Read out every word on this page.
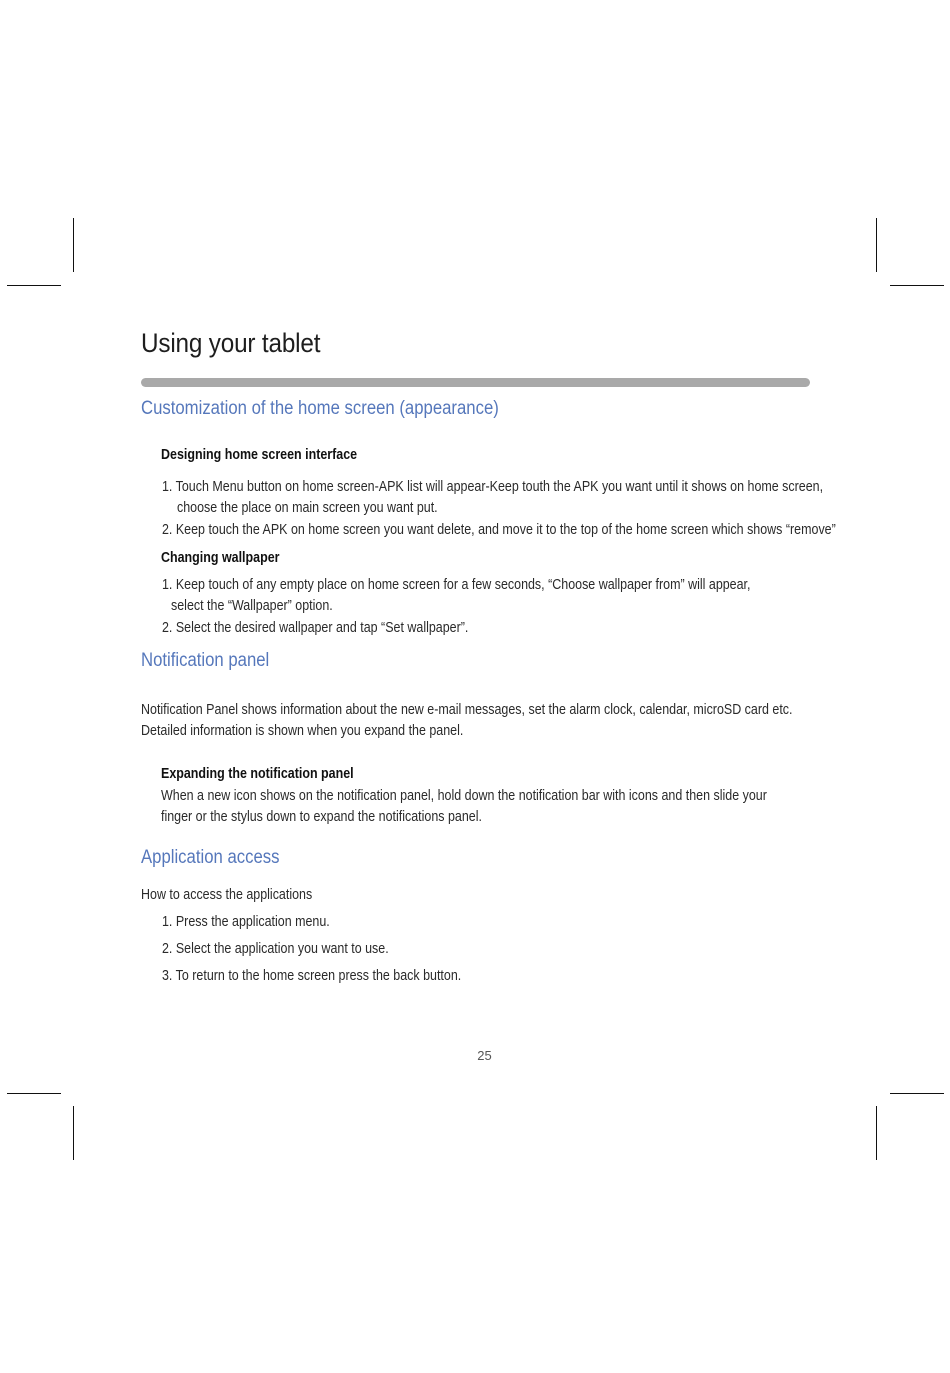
Using your tablet
Customization of the home screen (appearance)
Designing home screen interface
1. Touch Menu button on home screen-APK list will appear-Keep touth the APK you want until it shows on home screen,
choose the place on main screen you want put.
2. Keep touch the APK on home screen you want delete, and move it to the top of the home screen which shows “remove”
Changing wallpaper
1. Keep touch of any empty place on home screen for a few seconds, “Choose wallpaper from” will appear,
select the “Wallpaper” option.
2. Select the desired wallpaper and tap “Set wallpaper”.
Notification panel
Notification Panel shows information about the new e-mail messages, set the alarm clock, calendar, microSD card etc.
Detailed information is shown when you expand the panel.
Expanding the notification panel
When a new icon shows on the notification panel, hold down the notification bar with icons and then slide your
finger or the stylus down to expand the notifications panel.
Application access
How to access the applications
1. Press the application menu.
2. Select the application you want to use.
3. To return to the home screen press the back button.
25
